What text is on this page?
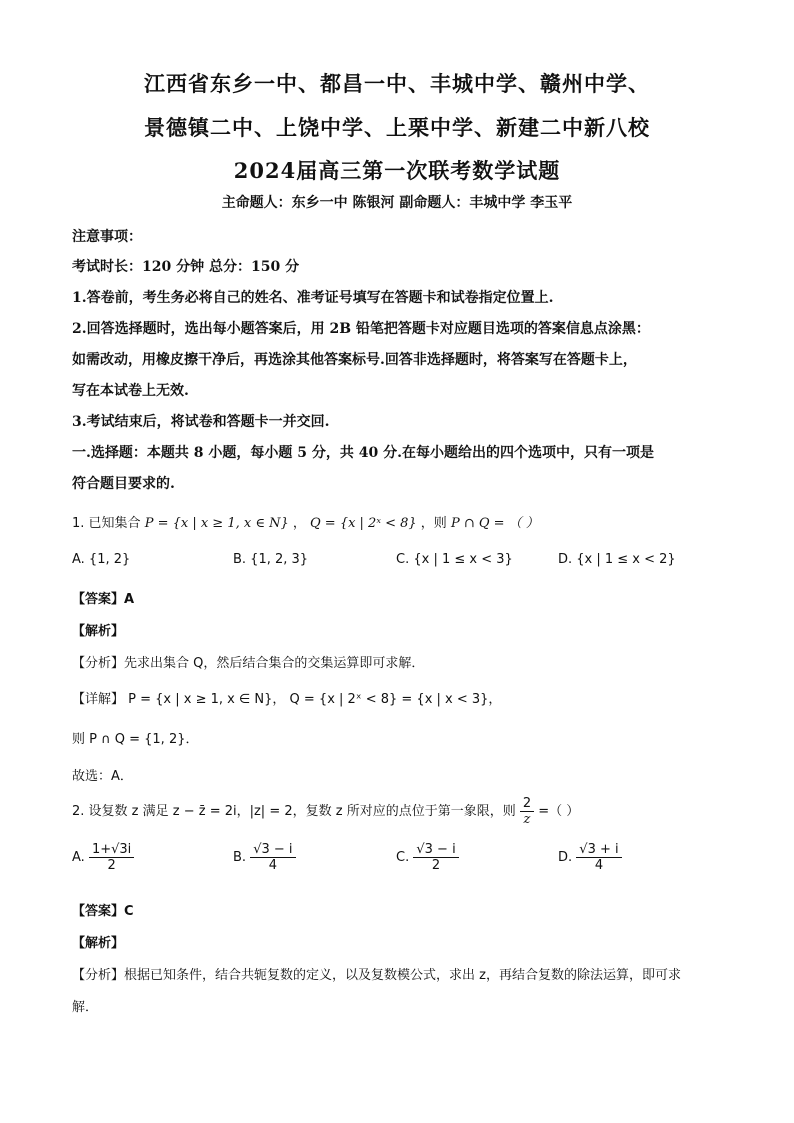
江西省东乡一中、都昌一中、丰城中学、赣州中学、
景德镇二中、上饶中学、上栗中学、新建二中新八校
2024届高三第一次联考数学试题
主命题人：东乡一中 陈银河 副命题人：丰城中学 李玉平
注意事项：
考试时长：120 分钟 总分：150 分
1.答卷前，考生务必将自己的姓名、准考证号填写在答题卡和试卷指定位置上.
2.回答选择题时，选出每小题答案后，用 2B 铅笔把答题卡对应题目选项的答案信息点涂黑：
如需改动，用橡皮擦干净后，再选涂其他答案标号.回答非选择题时，将答案写在答题卡上，
写在本试卷上无效.
3.考试结束后，将试卷和答题卡一并交回.
一.选择题：本题共 8 小题，每小题 5 分，共 40 分.在每小题给出的四个选项中，只有一项是
符合题目要求的.
1. 已知集合 P = {x | x ≥ 1, x ∈ N} ， Q = {x | 2ˣ < 8} ，则 P ∩ Q = （ ）
A. {1, 2}	B. {1, 2, 3}	C. {x | 1 ≤ x < 3}	D. {x | 1 ≤ x < 2}
【答案】A
【解析】
【分析】先求出集合 Q，然后结合集合的交集运算即可求解．
【详解】 P = {x | x ≥ 1, x ∈ N}， Q = {x | 2ˣ < 8} = {x | x < 3}，
则 P ∩ Q = {1, 2}．
故选：A．
2. 设复数 z 满足 z − z̄ = 2i，|z| = 2，复数 z 所对应的点位于第一象限，则 $\frac{2}{z}$ =（ ）
A. $\frac{1+√3i}{2}$	B. $\frac{√3 - i}{4}$	C. $\frac{√3 - i}{2}$	D. $\frac{√3 + i}{4}$
【答案】C
【解析】
【分析】根据已知条件，结合共轭复数的定义，以及复数模公式，求出 z，再结合复数的除法运算，即可求
解．
